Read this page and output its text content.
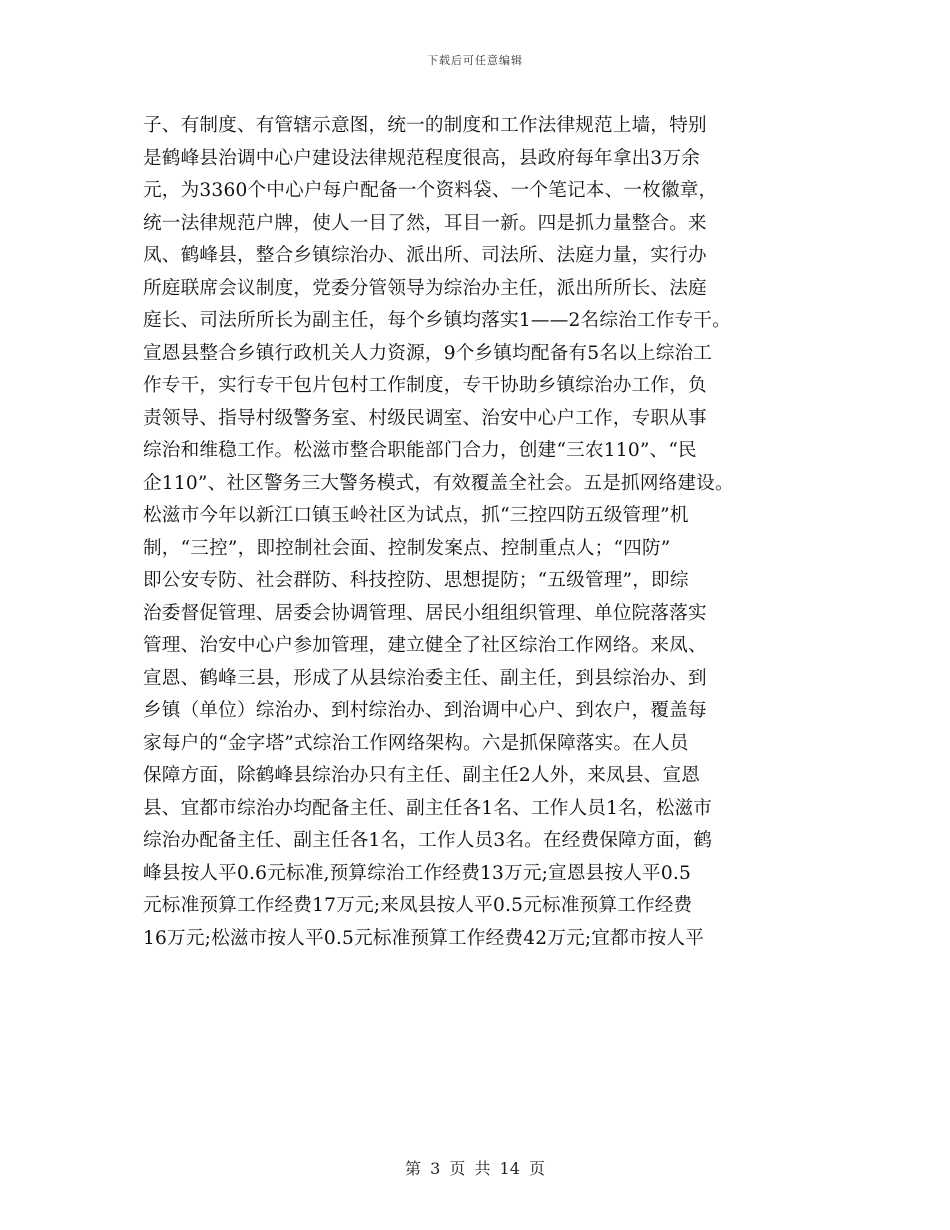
下载后可任意编辑
子、有制度、有管辖示意图，统一的制度和工作法律规范上墙，特别
是鹤峰县治调中心户建设法律规范程度很高，县政府每年拿出3万余
元，为3360个中心户每户配备一个资料袋、一个笔记本、一枚徽章，
统一法律规范户牌，使人一目了然，耳目一新。四是抓力量整合。来
凤、鹤峰县，整合乡镇综治办、派出所、司法所、法庭力量，实行办
所庭联席会议制度，党委分管领导为综治办主任，派出所所长、法庭
庭长、司法所所长为副主任，每个乡镇均落实1——2名综治工作专干。
宣恩县整合乡镇行政机关人力资源，9个乡镇均配备有5名以上综治工
作专干，实行专干包片包村工作制度，专干协助乡镇综治办工作，负
责领导、指导村级警务室、村级民调室、治安中心户工作，专职从事
综治和维稳工作。松滋市整合职能部门合力，创建“三农110”、“民
企110”、社区警务三大警务模式，有效覆盖全社会。五是抓网络建设。
松滋市今年以新江口镇玉岭社区为试点，抓“三控四防五级管理”机
制，“三控”，即控制社会面、控制发案点、控制重点人；“四防”
即公安专防、社会群防、科技控防、思想提防；“五级管理”，即综
治委督促管理、居委会协调管理、居民小组组织管理、单位院落落实
管理、治安中心户参加管理，建立健全了社区综治工作网络。来凤、
宣恩、鹤峰三县，形成了从县综治委主任、副主任，到县综治办、到
乡镇（单位）综治办、到村综治办、到治调中心户、到农户，覆盖每
家每户的“金字塔”式综治工作网络架构。六是抓保障落实。在人员
保障方面，除鹤峰县综治办只有主任、副主任2人外，来凤县、宣恩
县、宜都市综治办均配备主任、副主任各1名、工作人员1名，松滋市
综治办配备主任、副主任各1名，工作人员3名。在经费保障方面，鹤
峰县按人平0.6元标准,预算综治工作经费13万元;宣恩县按人平0.5
元标准预算工作经费17万元;来凤县按人平0.5元标准预算工作经费
16万元;松滋市按人平0.5元标准预算工作经费42万元;宜都市按人平
第 3 页 共 14 页
